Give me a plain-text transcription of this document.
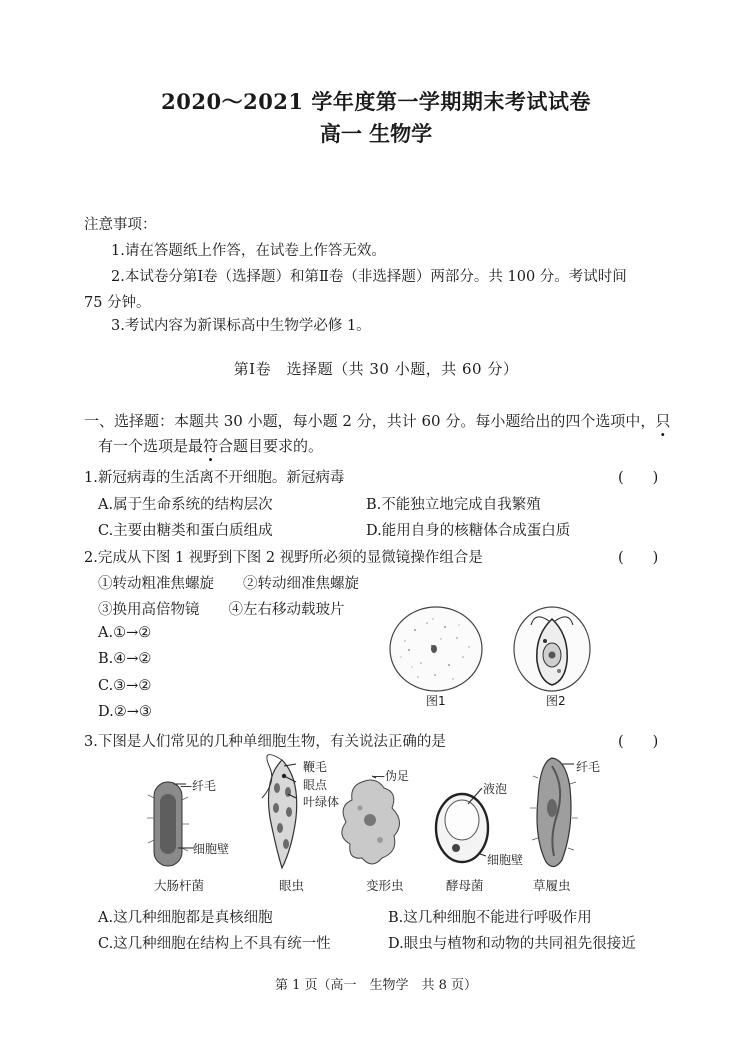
2020～2021 学年度第一学期期末考试试卷
高一 生物学
注意事项：
1.请在答题纸上作答，在试卷上作答无效。
2.本试卷分第Ⅰ卷（选择题）和第Ⅱ卷（非选择题）两部分。共 100 分。考试时间
75 分钟。
3.考试内容为新课标高中生物学必修 1。
第Ⅰ卷　选择题（共 30 小题，共 60 分）
一、选择题：本题共 30 小题，每小题 2 分，共计 60 分。每小题给出的四个选项中，只
有一个选项是最符合题目要求的。 ·
1.新冠病毒的生活离不开细胞。新冠病毒	(　　)
A.属于生命系统的结构层次	B.不能独立地完成自我繁殖
C.主要由糖类和蛋白质组成	D.能用自身的核糖体合成蛋白质
2.完成从下图 1 视野到下图 2 视野所必须的显微镜操作组合是	(　　)
①转动粗准焦螺旋　　②转动细准焦螺旋
③换用高倍物镜　　④左右移动载玻片
A.①→②
B.④→②
C.③→②
D.②→③
图1	图2
3.下图是人们常见的几种单细胞生物，有关说法正确的是	(　　)
—纤毛
细胞壁
鞭毛
眼点
叶绿体
—伪足
液泡
细胞壁
纤毛
大肠杆菌	眼虫	变形虫	酵母菌	草履虫
A.这几种细胞都是真核细胞	B.这几种细胞不能进行呼吸作用
C.这几种细胞在结构上不具有统一性	D.眼虫与植物和动物的共同祖先很接近
第 1 页（高一　生物学　共 8 页）
